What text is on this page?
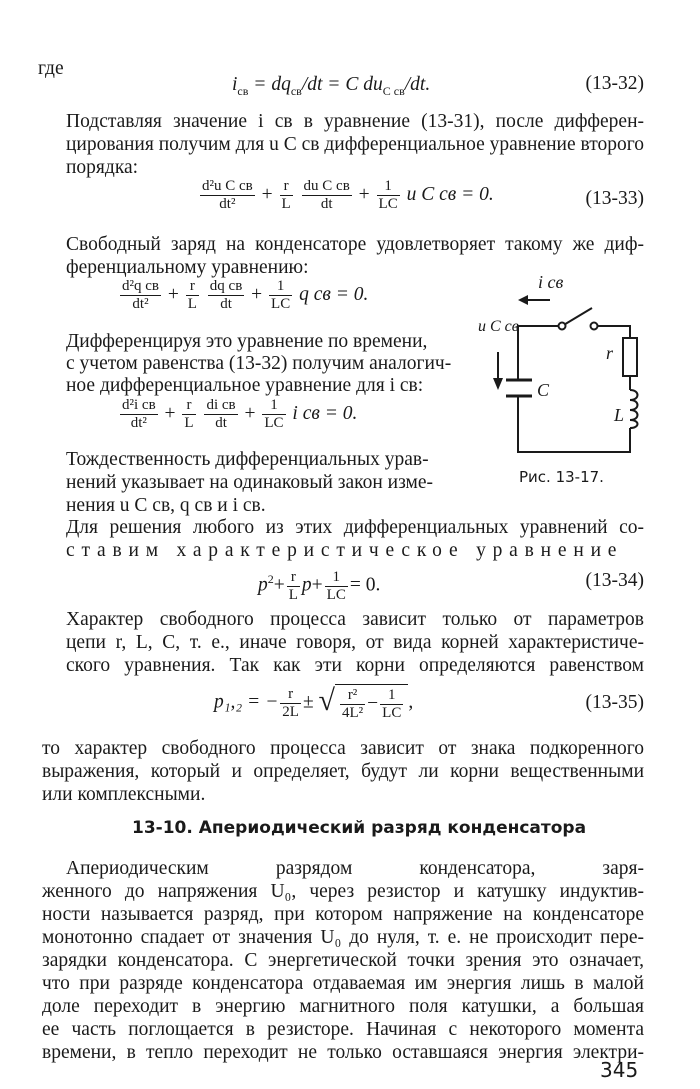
где
$i_{св} = dq_{св}/dt = C$ $du_{С св}/dt$.	(13-32)
Подставляя значение i св в уравнение (13-31), после дифферен-
цирования получим для u С св дифференциальное уравнение второго
порядка:
$\frac{\text{d²u С св}}{\text{dt²}} + \frac{r}{L}$
$\frac{\text{du С св}}{dt} + \frac{1}{LC}$ u С св = 0.	(13-33)
Свободный заряд на конденсаторе удовлетворяет такому же диф-
ференциальному уравнению:
$\frac{\text{d²q св}}{\text{dt²}} + \frac{r}{L}$
$\frac{\text{dq св}}{dt} + \frac{1}{LC}$ q св = 0.
Дифференцируя это уравнение по времени,
с учетом равенства (13-32) получим аналогич-
ное дифференциальное уравнение для i св:
$\frac{\text{d²i св}}{\text{dt²}} + \frac{r}{L}$
$\frac{\text{di св}}{dt} + \frac{1}{LC}$ i св = 0.
Тождественность дифференциальных урав-
нений указывает на одинаковый закон изме-
нения u С св, q св и i св.
i св
u С св
C
r
L
Рис. 13-17.
Для решения любого из этих дифференциальных уравнений со-
ставим характеристическое уравнение
$p^2+ \frac{r}{L} p+ \frac{1}{LC} = 0$.	(13-34)
Характер свободного процесса зависит только от параметров
цепи r, L, C, т. е., иначе говоря, от вида корней характеристиче-
ского уравнения. Так как эти корни определяются равенством
p₁,₂ = − $\frac{r}{2L}$ ± √ $\frac{\text{r²}}{\text{4L²}} - \frac{1}{LC}$ ,	(13-35)
то характер свободного процесса зависит от знака подкоренного
выражения, который и определяет, будут ли корни вещественными
или комплексными.
13-10. Апериодический разряд конденсатора
Апериодическим разрядом конденсатора, заря-
женного до напряжения U₀, через резистор и катушку индуктив-
ности называется разряд, при котором напряжение на конденсаторе
монотонно спадает от значения U₀ до нуля, т. е. не происходит пере-
зарядки конденсатора. С энергетической точки зрения это означает,
что при разряде конденсатора отдаваемая им энергия лишь в малой
доле переходит в энергию магнитного поля катушки, а большая
ее часть поглощается в резисторе. Начиная с некоторого момента
времени, в тепло переходит не только оставшаяся энергия электри-
345
